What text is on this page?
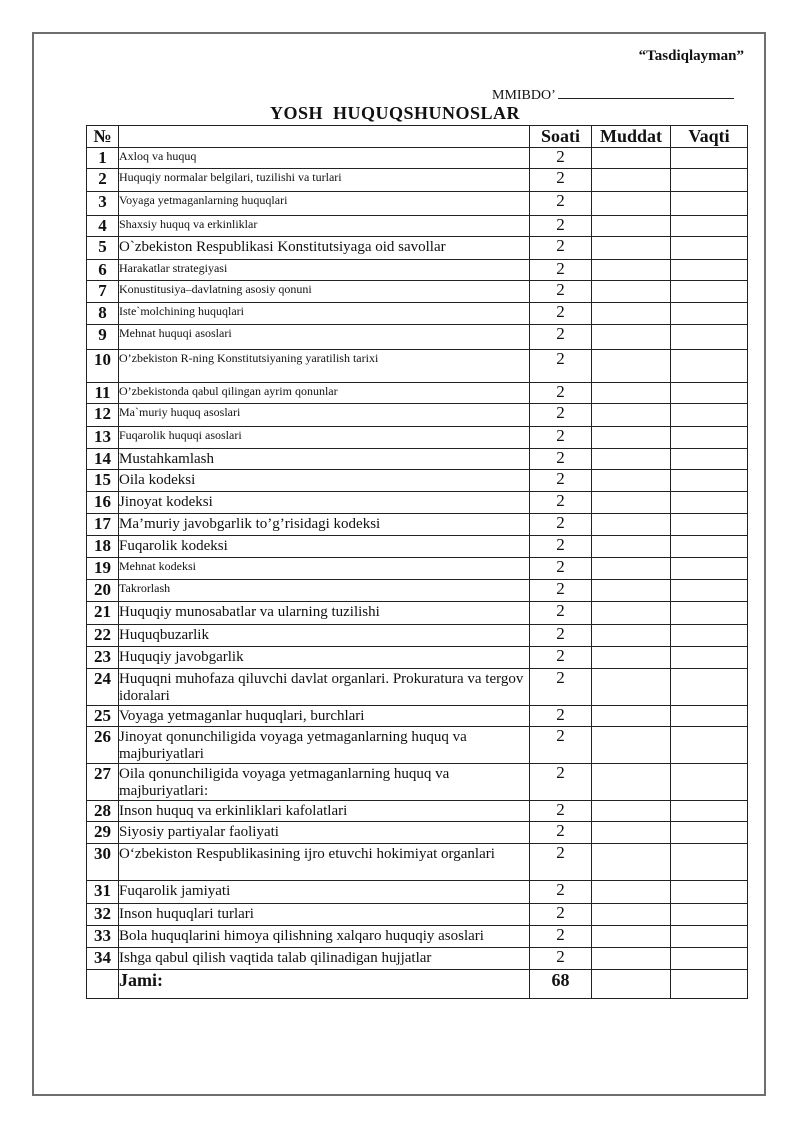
“Tasdiqlayman”
MMIBDO’
YOSH  HUQUQSHUNOSLAR
№		Soati	Muddat	Vaqti
1	Axloq va huquq	2		
2	Huquqiy normalar belgilari, tuzilishi va turlari	2		
3	Voyaga yetmaganlarning huquqlari	2		
4	Shaxsiy huquq va erkinliklar	2		
5	O`zbekiston Respublikasi Konstitutsiyaga oid savollar	2		
6	Harakatlar strategiyasi	2		
7	Konustitusiya–davlatning asosiy qonuni	2		
8	Iste`molchining huquqlari	2		
9	Mehnat huquqi asoslari	2		
10	O’zbekiston R-ning Konstitutsiyaning yaratilish tarixi	2		
11	O’zbekistonda qabul qilingan ayrim qonunlar	2		
12	Ma`muriy huquq asoslari	2		
13	Fuqarolik huquqi asoslari	2		
14	Mustahkamlash	2		
15	Oila kodeksi	2		
16	Jinoyat kodeksi	2		
17	Ma’muriy javobgarlik to’g’risidagi kodeksi	2		
18	Fuqarolik kodeksi	2		
19	Mehnat kodeksi	2		
20	Takrorlash	2		
21	Huquqiy munosabatlar va ularning tuzilishi	2		
22	Huquqbuzarlik	2		
23	Huquqiy javobgarlik	2		
24	Huquqni muhofaza qiluvchi davlat organlari. Prokuratura va tergov idoralari	2		
25	Voyaga yetmaganlar huquqlari, burchlari	2		
26	Jinoyat qonunchiligida voyaga yetmaganlarning huquq va majburiyatlari	2		
27	Oila qonunchiligida voyaga yetmaganlarning huquq va majburiyatlari:	2		
28	Inson huquq va erkinliklari kafolatlari	2		
29	Siyosiy partiyalar faoliyati	2		
30	O‘zbekiston Respublikasining ijro etuvchi hokimiyat organlari	2		
31	Fuqarolik jamiyati	2		
32	Inson huquqlari turlari	2		
33	Bola huquqlarini himoya qilishning xalqaro huquqiy asoslari	2		
34	Ishga qabul qilish vaqtida talab qilinadigan hujjatlar	2		
	Jami:	68		
